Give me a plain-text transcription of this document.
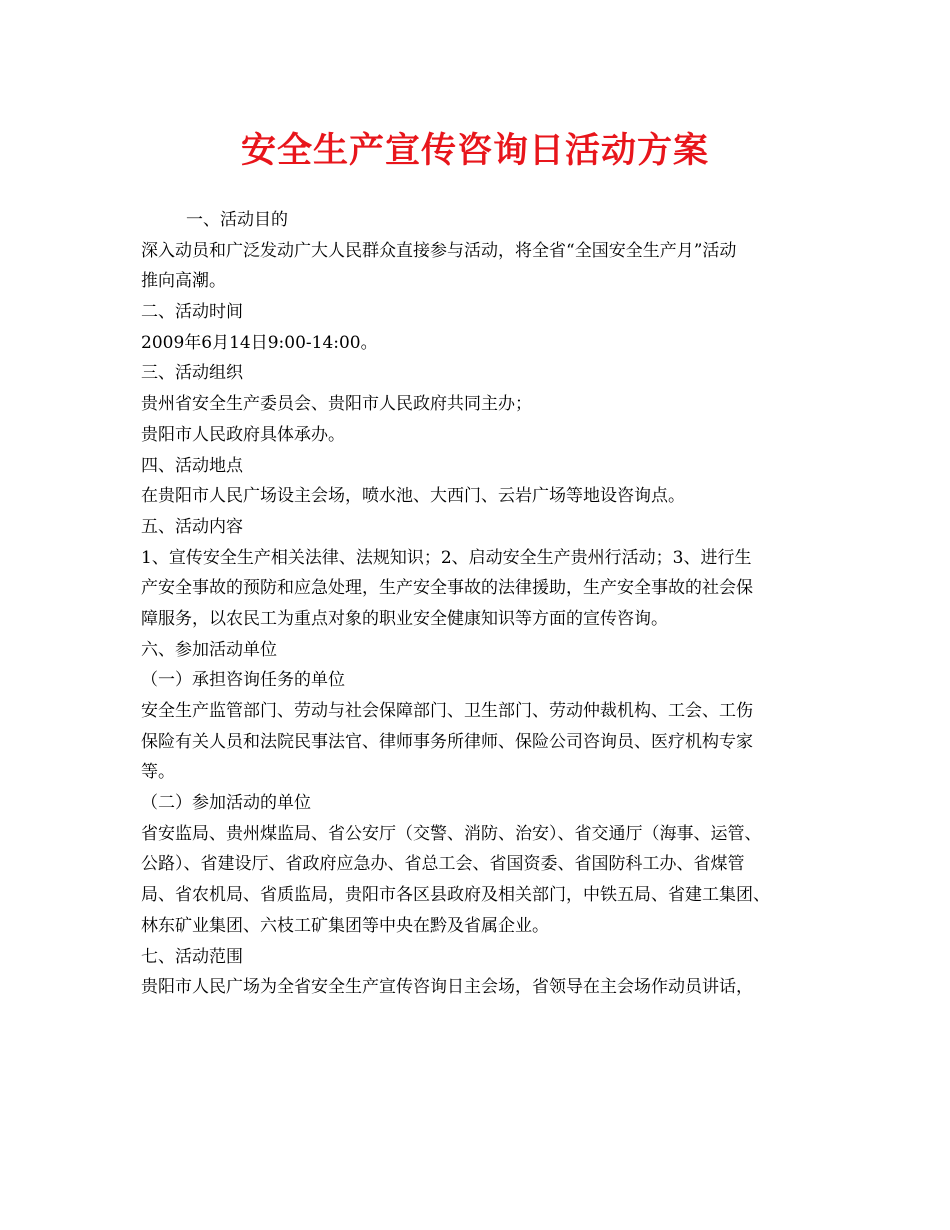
安全生产宣传咨询日活动方案
一、活动目的
深入动员和广泛发动广大人民群众直接参与活动，将全省“全国安全生产月”活动
推向高潮。
二、活动时间
2009年6月14日9:00-14:00。
三、活动组织
贵州省安全生产委员会、贵阳市人民政府共同主办；
贵阳市人民政府具体承办。
四、活动地点
在贵阳市人民广场设主会场，喷水池、大西门、云岩广场等地设咨询点。
五、活动内容
1、宣传安全生产相关法律、法规知识；2、启动安全生产贵州行活动；3、进行生
产安全事故的预防和应急处理，生产安全事故的法律援助，生产安全事故的社会保
障服务，以农民工为重点对象的职业安全健康知识等方面的宣传咨询。
六、参加活动单位
（一）承担咨询任务的单位
安全生产监管部门、劳动与社会保障部门、卫生部门、劳动仲裁机构、工会、工伤
保险有关人员和法院民事法官、律师事务所律师、保险公司咨询员、医疗机构专家
等。
（二）参加活动的单位
省安监局、贵州煤监局、省公安厅（交警、消防、治安）、省交通厅（海事、运管、
公路）、省建设厅、省政府应急办、省总工会、省国资委、省国防科工办、省煤管
局、省农机局、省质监局，贵阳市各区县政府及相关部门，中铁五局、省建工集团、
林东矿业集团、六枝工矿集团等中央在黔及省属企业。
七、活动范围
贵阳市人民广场为全省安全生产宣传咨询日主会场，省领导在主会场作动员讲话，
